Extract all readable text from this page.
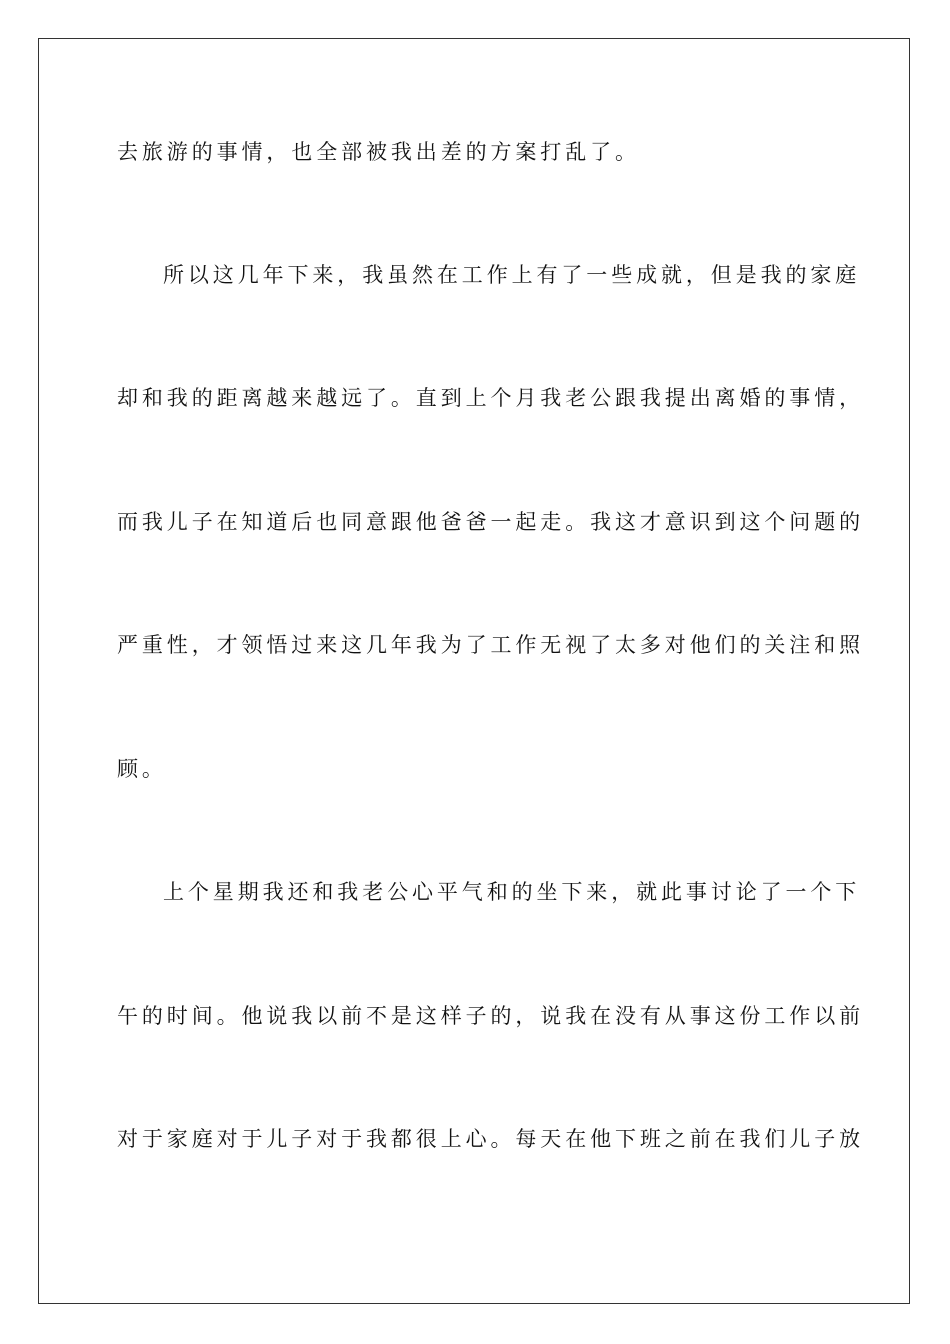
去旅游的事情，也全部被我出差的方案打乱了。
所以这几年下来，我虽然在工作上有了一些成就，但是我的家庭
却和我的距离越来越远了。直到上个月我老公跟我提出离婚的事情，
而我儿子在知道后也同意跟他爸爸一起走。我这才意识到这个问题的
严重性，才领悟过来这几年我为了工作无视了太多对他们的关注和照
顾。
上个星期我还和我老公心平气和的坐下来，就此事讨论了一个下
午的时间。他说我以前不是这样子的，说我在没有从事这份工作以前
对于家庭对于儿子对于我都很上心。每天在他下班之前在我们儿子放
